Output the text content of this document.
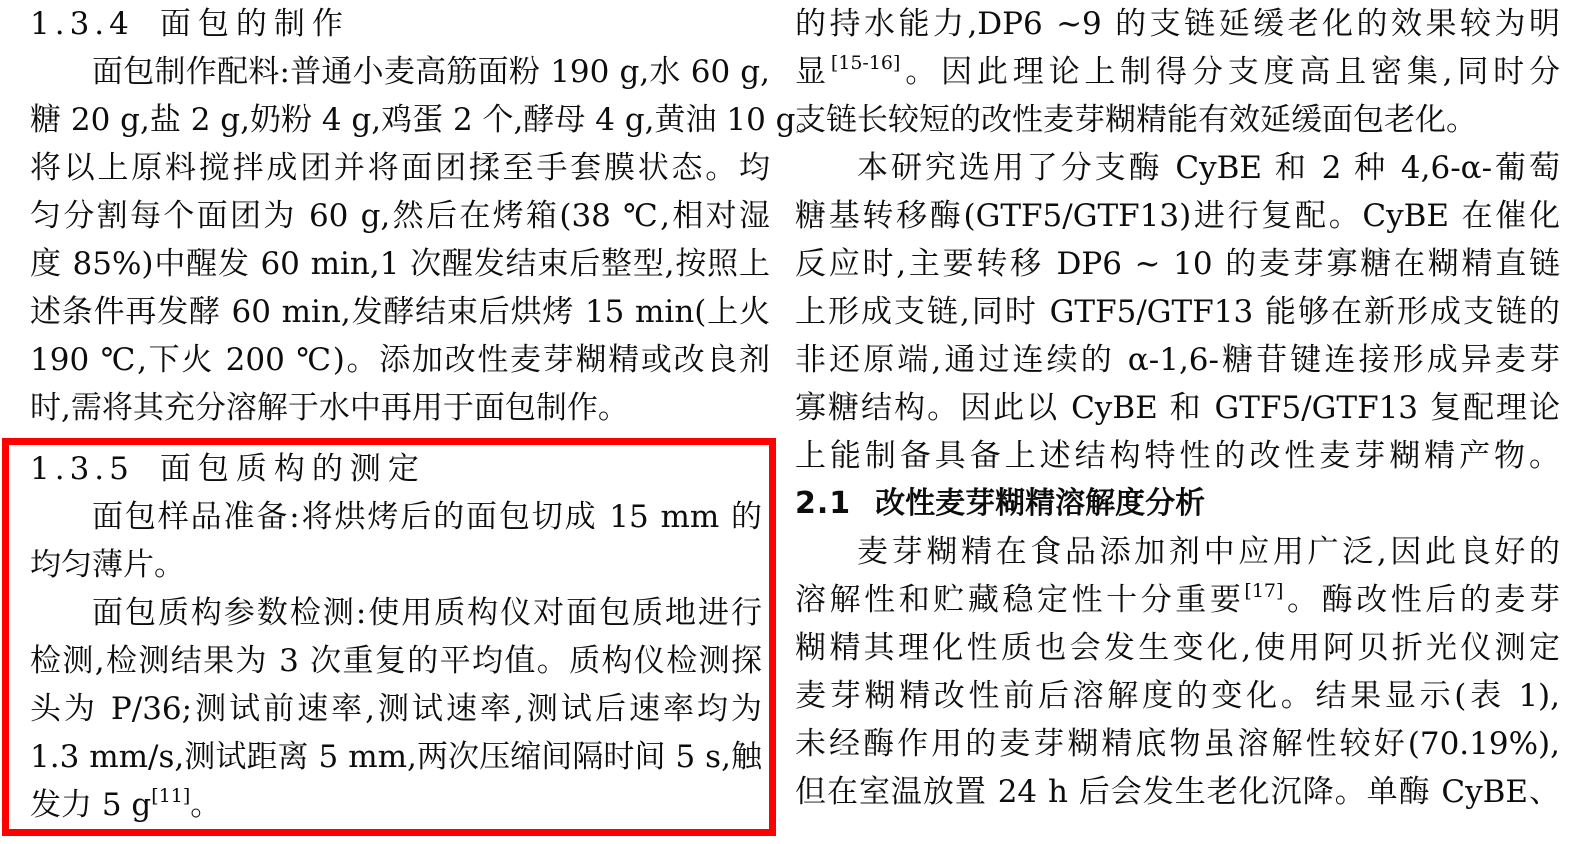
1.3.4 面包的制作
面包制作配料:普通小麦高筋面粉 190 g,水 60 g,
糖 20 g,盐 2 g,奶粉 4 g,鸡蛋 2 个,酵母 4 g,黄油 10 g。
将以上原料搅拌成团并将面团揉至手套膜状态。均
匀分割每个面团为 60 g,然后在烤箱(38 ℃,相对湿
度 85%)中醒发 60 min,1 次醒发结束后整型,按照上
述条件再发酵 60 min,发酵结束后烘烤 15 min(上火
190 ℃,下火 200 ℃)。添加改性麦芽糊精或改良剂
时,需将其充分溶解于水中再用于面包制作。
1.3.5 面包质构的测定
面包样品准备:将烘烤后的面包切成 15 mm 的
均匀薄片。
面包质构参数检测:使用质构仪对面包质地进行
检测,检测结果为 3 次重复的平均值。质构仪检测探
头为 P/36;测试前速率,测试速率,测试后速率均为
1.3 mm/s,测试距离 5 mm,两次压缩间隔时间 5 s,触
发力 5 g[11]。
的持水能力,DP6 ~9 的支链延缓老化的效果较为明
显[15-16]。因此理论上制得分支度高且密集,同时分
支链长较短的改性麦芽糊精能有效延缓面包老化。
本研究选用了分支酶 CyBE 和 2 种 4,6-α-葡萄
糖基转移酶(GTF5/GTF13)进行复配。CyBE 在催化
反应时,主要转移 DP6 ~ 10 的麦芽寡糖在糊精直链
上形成支链,同时 GTF5/GTF13 能够在新形成支链的
非还原端,通过连续的 α-1,6-糖苷键连接形成异麦芽
寡糖结构。因此以 CyBE 和 GTF5/GTF13 复配理论
上能制备具备上述结构特性的改性麦芽糊精产物。
2.1 改性麦芽糊精溶解度分析
麦芽糊精在食品添加剂中应用广泛,因此良好的
溶解性和贮藏稳定性十分重要[17]。酶改性后的麦芽
糊精其理化性质也会发生变化,使用阿贝折光仪测定
麦芽糊精改性前后溶解度的变化。结果显示(表 1),
未经酶作用的麦芽糊精底物虽溶解性较好(70.19%),
但在室温放置 24 h 后会发生老化沉降。单酶 CyBE、
